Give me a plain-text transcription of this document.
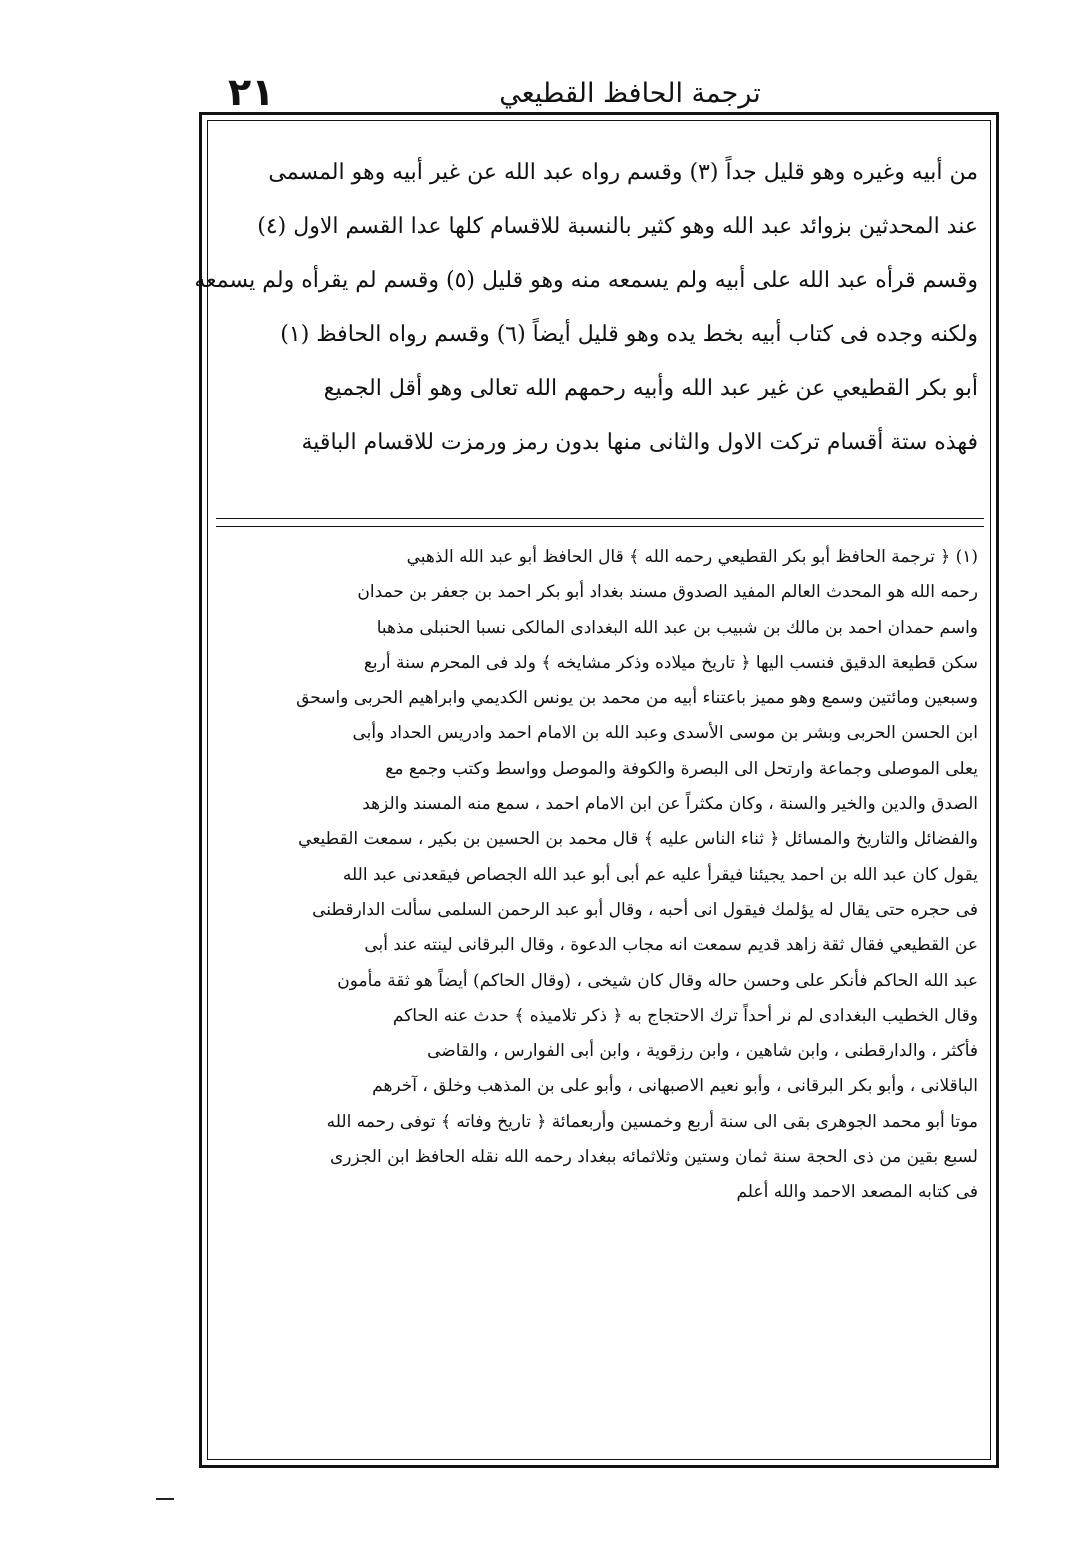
٢١	ترجمة الحافظ القطيعي
من أبيه وغيره وهو قليل جداً (٣) وقسم رواه عبد الله عن غير أبيه وهو المسمى
عند المحدثين بزوائد عبد الله وهو كثير بالنسبة للاقسام كلها عدا القسم الاول (٤)
وقسم قرأه عبد الله على أبيه ولم يسمعه منه وهو قليل (٥) وقسم لم يقرأه ولم يسمعه
ولكنه وجده فى كتاب أبيه بخط يده وهو قليل أيضاً (٦) وقسم رواه الحافظ (١)
أبو بكر القطيعي عن غير عبد الله وأبيه رحمهم الله تعالى وهو أقل الجميع
فهذه ستة أقسام تركت الاول والثانى منها بدون رمز ورمزت للاقسام الباقية
(١) ﴿ ترجمة الحافظ أبو بكر القطيعي رحمه الله ﴾ قال الحافظ أبو عبد الله الذهبي
رحمه الله هو المحدث العالم المفيد الصدوق مسند بغداد أبو بكر احمد بن جعفر بن حمدان
واسم حمدان احمد بن مالك بن شبيب بن عبد الله البغدادى المالكى نسبا الحنبلى مذهبا
سكن قطيعة الدقيق فنسب اليها ﴿ تاريخ ميلاده وذكر مشايخه ﴾ ولد فى المحرم سنة أربع
وسبعين ومائتين وسمع وهو مميز باعتناء أبيه من محمد بن يونس الكديمي وابراهيم الحربى واسحق
ابن الحسن الحربى وبشر بن موسى الأسدى وعبد الله بن الامام احمد وادريس الحداد وأبى
يعلى الموصلى وجماعة وارتحل الى البصرة والكوفة والموصل وواسط وكتب وجمع مع
الصدق والدين والخير والسنة ، وكان مكثراً عن ابن الامام احمد ، سمع منه المسند والزهد
والفضائل والتاريخ والمسائل ﴿ ثناء الناس عليه ﴾ قال محمد بن الحسين بن بكير ، سمعت القطيعي
يقول كان عبد الله بن احمد يجيئنا فيقرأ عليه عم أبى أبو عبد الله الجصاص فيقعدنى عبد الله
فى حجره حتى يقال له يؤلمك فيقول انى أحبه ، وقال أبو عبد الرحمن السلمى سألت الدارقطنى
عن القطيعي فقال ثقة زاهد قديم سمعت انه مجاب الدعوة ، وقال البرقانى لينته عند أبى
عبد الله الحاكم فأنكر على وحسن حاله وقال كان شيخى ، (وقال الحاكم) أيضاً هو ثقة مأمون
وقال الخطيب البغدادى لم نر أحداً ترك الاحتجاج به ﴿ ذكر تلاميذه ﴾ حدث عنه الحاكم
فأكثر ، والدارقطنى ، وابن شاهين ، وابن رزقوية ، وابن أبى الفوارس ، والقاضى
الباقلانى ، وأبو بكر البرقانى ، وأبو نعيم الاصبهانى ، وأبو على بن المذهب وخلق ، آخرهم
موتا أبو محمد الجوهرى بقى الى سنة أربع وخمسين وأربعمائة ﴿ تاريخ وفاته ﴾ توفى رحمه الله
لسبع بقين من ذى الحجة سنة ثمان وستين وثلاثمائه ببغداد رحمه الله نقله الحافظ ابن الجزرى
فى كتابه المصعد الاحمد والله أعلم
